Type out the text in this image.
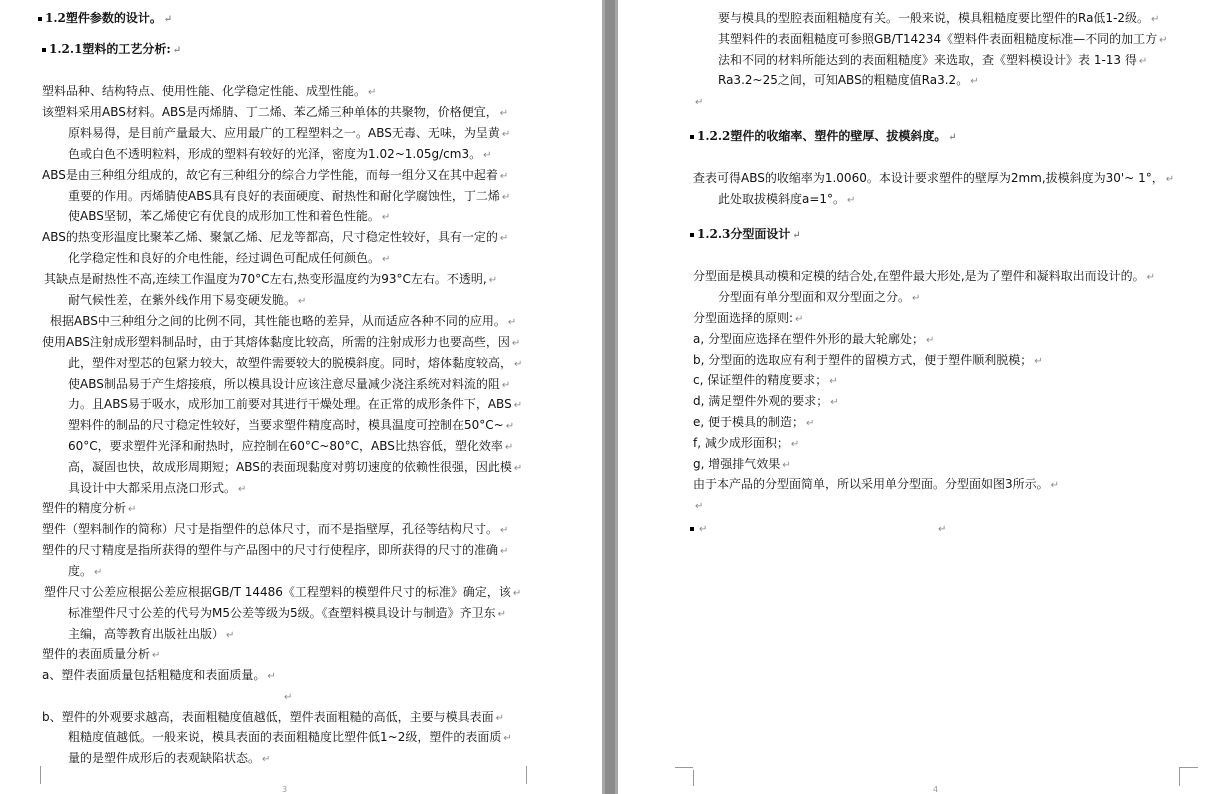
1.2塑件参数的设计。 ↵
1.2.1塑料的工艺分析: ↵
塑料品种、结构特点、使用性能、化学稳定性能、成型性能。 ↵
该塑料采用ABS材料。ABS是丙烯腈、丁二烯、苯乙烯三种单体的共聚物，价格便宜， ↵
原料易得，是目前产量最大、应用最广的工程塑料之一。ABS无毒、无味，为呈黄 ↵
色或白色不透明粒料，形成的塑料有较好的光泽，密度为1.02~1.05g/cm3。 ↵
ABS是由三种组分组成的，故它有三种组分的综合力学性能，而每一组分又在其中起着 ↵
重要的作用。丙烯腈使ABS具有良好的表面硬度、耐热性和耐化学腐蚀性，丁二烯 ↵
使ABS坚韧，苯乙烯使它有优良的成形加工性和着色性能。 ↵
ABS的热变形温度比聚苯乙烯、聚氯乙烯、尼龙等都高，尺寸稳定性较好，具有一定的 ↵
化学稳定性和良好的介电性能，经过调色可配成任何颜色。 ↵
其缺点是耐热性不高,连续工作温度为70°C左右,热变形温度约为93°C左右。不透明, ↵
耐气候性差，在紫外线作用下易变硬发脆。 ↵
根据ABS中三种组分之间的比例不同，其性能也略的差异，从而适应各种不同的应用。 ↵
使用ABS注射成形塑料制品时，由于其熔体黏度比较高，所需的注射成形力也要高些，因 ↵
此，塑件对型芯的包紧力较大，故塑件需要较大的脱模斜度。同时，熔体黏度较高， ↵
使ABS制品易于产生熔接痕，所以模具设计应该注意尽量减少浇注系统对料流的阻 ↵
力。且ABS易于吸水，成形加工前要对其进行干燥处理。在正常的成形条件下，ABS ↵
塑料件的制品的尺寸稳定性较好，当要求塑件精度高时，模具温度可控制在50°C~ ↵
60°C，要求塑件光泽和耐热时，应控制在60°C~80°C，ABS比热容低，塑化效率 ↵
高，凝固也快，故成形周期短；ABS的表面现黏度对剪切速度的依赖性很强，因此模 ↵
具设计中大都采用点浇口形式。 ↵
塑件的精度分析 ↵
塑件（塑料制作的简称）尺寸是指塑件的总体尺寸，而不是指壁厚，孔径等结构尺寸。 ↵
塑件的尺寸精度是指所获得的塑件与产品图中的尺寸行使程序，即所获得的尺寸的准确 ↵
度。 ↵
塑件尺寸公差应根据公差应根据GB/T 14486《工程塑料的模塑件尺寸的标准》确定，该 ↵
标准塑件尺寸公差的代号为M5公差等级为5级。《查塑料模具设计与制造》齐卫东 ↵
主编，高等教育出版社出版） ↵
塑件的表面质量分析 ↵
a、塑件表面质量包括粗糙度和表面质量。 ↵
↵
b、塑件的外观要求越高，表面粗糙度值越低，塑件表面粗糙的高低，主要与模具表面 ↵
粗糙度值越低。一般来说，模具表面的表面粗糙度比塑件低1~2级，塑件的表面质 ↵
量的是塑件成形后的表观缺陷状态。 ↵
3
要与模具的型腔表面粗糙度有关。一般来说，模具粗糙度要比塑件的Ra低1-2级。 ↵
其塑料件的表面粗糙度可参照GB/T14234《塑料件表面粗糙度标准—不同的加工方 ↵
法和不同的材料所能达到的表面粗糙度》来选取，查《塑料模设计》表 1-13 得 ↵
Ra3.2~25之间，可知ABS的粗糙度值Ra3.2。 ↵
↵
1.2.2塑件的收缩率、塑件的壁厚、拔模斜度。 ↵
查表可得ABS的收缩率为1.0060。本设计要求塑件的壁厚为2mm,拔模斜度为30'~ 1°， ↵
此处取拔模斜度a=1°。 ↵
1.2.3分型面设计 ↵
分型面是模具动模和定模的结合处,在塑件最大形处,是为了塑件和凝料取出而设计的。 ↵
分型面有单分型面和双分型面之分。 ↵
分型面选择的原则: ↵
a, 分型面应选择在塑件外形的最大轮廓处； ↵
b, 分型面的选取应有利于塑件的留模方式，便于塑件顺利脱模； ↵
c, 保证塑件的精度要求； ↵
d, 满足塑件外观的要求； ↵
e, 便于模具的制造； ↵
f, 减少成形面积； ↵
g, 增强排气效果 ↵
由于本产品的分型面简单，所以采用单分型面。分型面如图3所示。 ↵
↵
↵	↵
4
